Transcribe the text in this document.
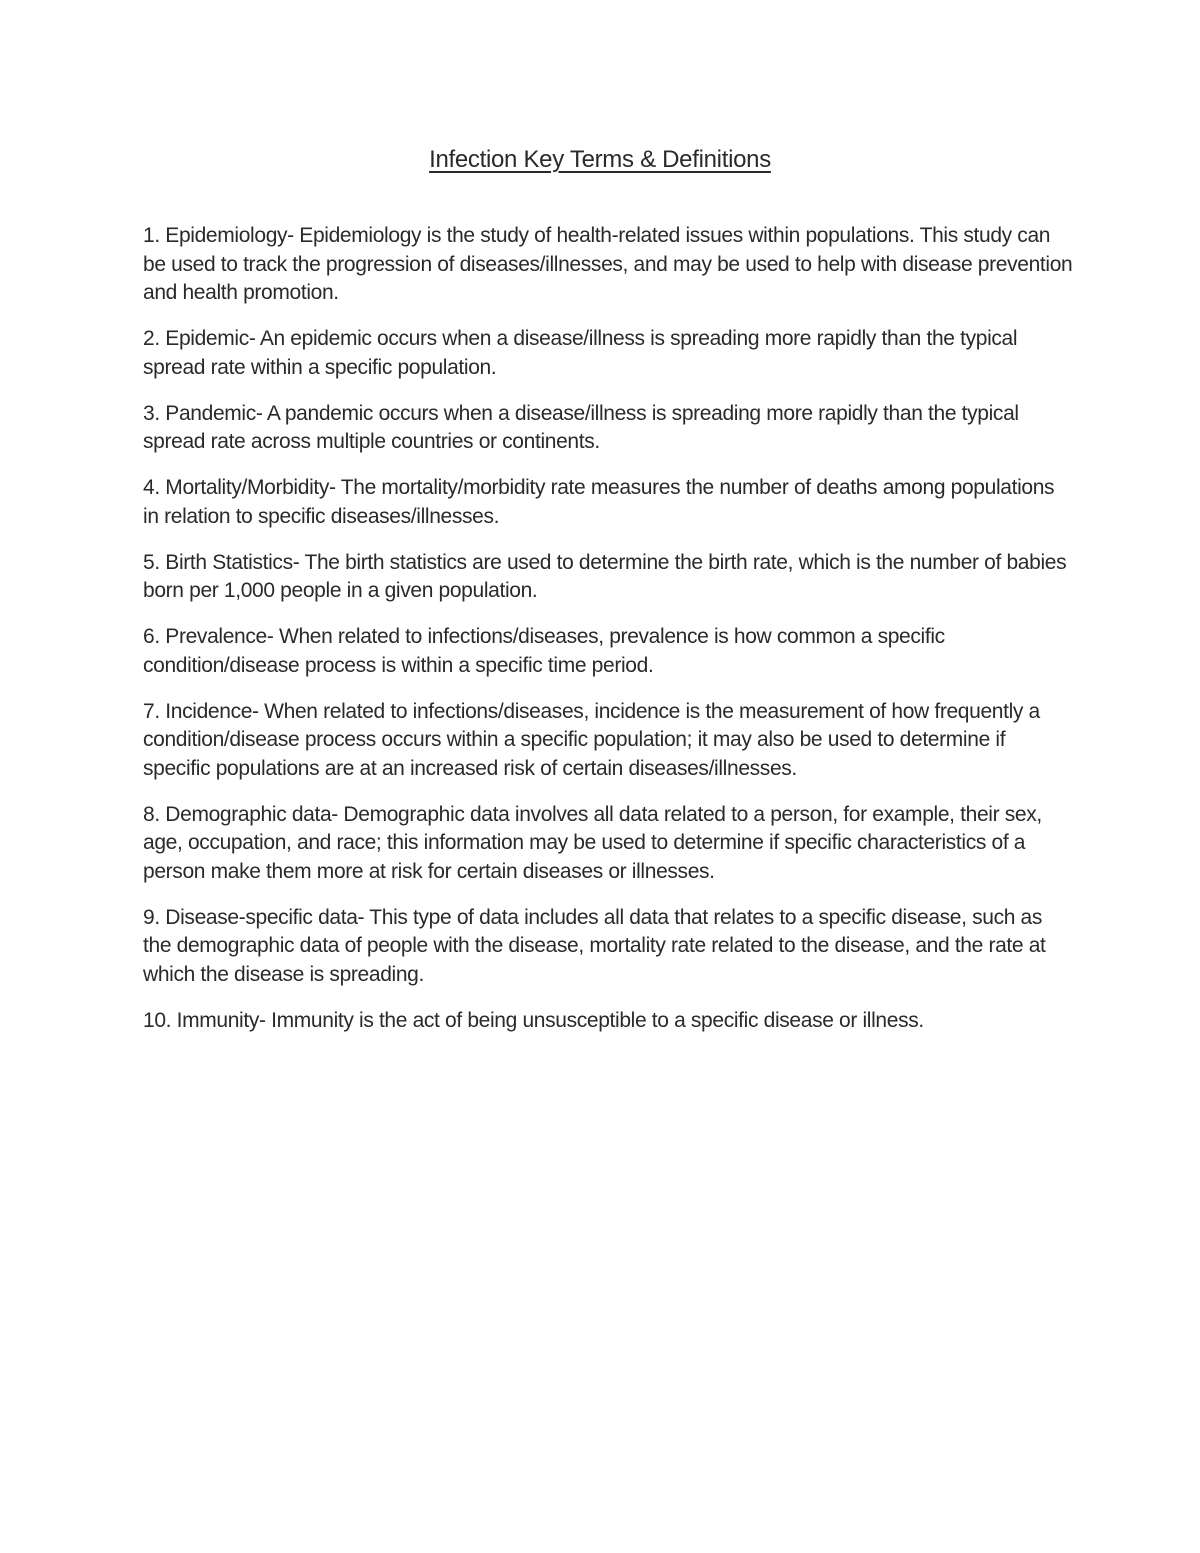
Infection Key Terms & Definitions
1. Epidemiology- Epidemiology is the study of health-related issues within populations. This study can be used to track the progression of diseases/illnesses, and may be used to help with disease prevention and health promotion.
2. Epidemic- An epidemic occurs when a disease/illness is spreading more rapidly than the typical spread rate within a specific population.
3. Pandemic- A pandemic occurs when a disease/illness is spreading more rapidly than the typical spread rate across multiple countries or continents.
4. Mortality/Morbidity- The mortality/morbidity rate measures the number of deaths among populations in relation to specific diseases/illnesses.
5. Birth Statistics- The birth statistics are used to determine the birth rate, which is the number of babies born per 1,000 people in a given population.
6. Prevalence- When related to infections/diseases, prevalence is how common a specific condition/disease process is within a specific time period.
7. Incidence- When related to infections/diseases, incidence is the measurement of how frequently a condition/disease process occurs within a specific population; it may also be used to determine if specific populations are at an increased risk of certain diseases/illnesses.
8. Demographic data- Demographic data involves all data related to a person, for example, their sex, age, occupation, and race; this information may be used to determine if specific characteristics of a person make them more at risk for certain diseases or illnesses.
9. Disease-specific data- This type of data includes all data that relates to a specific disease, such as the demographic data of people with the disease, mortality rate related to the disease, and the rate at which the disease is spreading.
10. Immunity- Immunity is the act of being unsusceptible to a specific disease or illness.
